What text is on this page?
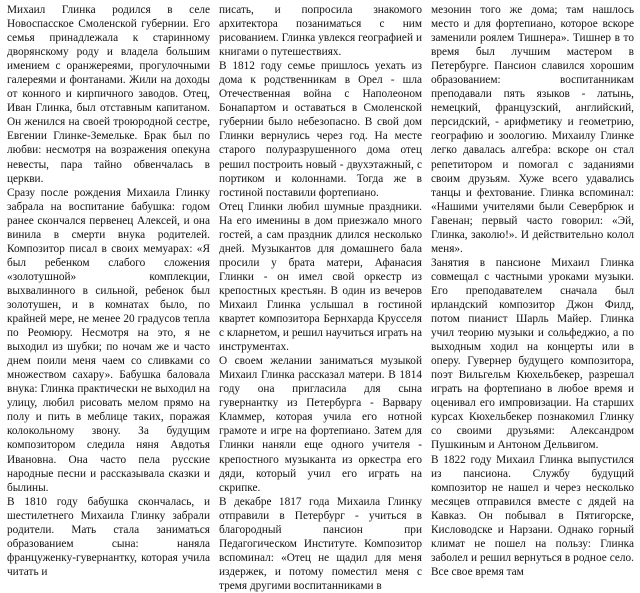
Михаил Глинка родился в селе Новоспасское Смоленской губернии. Его семья принадлежала к старинному дворянскому роду и владела большим имением с оранжереями, прогулочными галереями и фонтанами. Жили на доходы от конного и кирпичного заводов. Отец, Иван Глинка, был отставным капитаном. Он женился на своей троюродной сестре, Евгении Глинке-Земельке. Брак был по любви: несмотря на возражения опекуна невесты, пара тайно обвенчалась в церкви.

Сразу после рождения Михаила Глинку забрала на воспитание бабушка: годом ранее скончался первенец Алексей, и она винила в смерти внука родителей. Композитор писал в своих мемуарах: «Я был ребенком слабого сложения «золотушной» комплекции, выхвалинного в сильной, ребенок был золотушен, и в комнатах было, по крайней мере, не менее 20 градусов тепла по Реомюру. Несмотря на это, я не выходил из шубки; по ночам же и часто днем поили меня чаем со сливками со множеством сахару». Бабушка баловала внука: Глинка практически не выходил на улицу, любил рисовать мелом прямо на полу и пить в меблице таких, поражая колокольному звону. За будущим композитором следила няня Авдотья Ивановна. Она часто пела русские народные песни и рассказывала сказки и былины.

В 1810 году бабушка скончалась, и шестилетнего Михаила Глинку забрали родители. Мать стала заниматься образованием сына: наняла француженку-гувернантку, которая учила читать и

писать, и попросила знакомого архитектора позаниматься с ним рисованием. Глинка увлекся географией и книгами о путешествиях.

В 1812 году семье пришлось уехать из дома к родственникам в Орел - шла Отечественная война с Наполеоном Бонапартом и оставаться в Смоленской губернии было небезопасно. В свой дом Глинки вернулись через год. На месте старого полуразрушенного дома отец решил построить новый - двухэтажный, с портиком и колоннами. Тогда же в гостиной поставили фортепиано.

Отец Глинки любил шумные праздники. На его именины в дом приезжало много гостей, а сам праздник длился несколько дней. Музыкантов для домашнего бала просили у брата матери, Афанасия Глинки - он имел свой оркестр из крепостных крестьян. В один из вечеров Михаил Глинка услышал в гостиной квартет композитора Бернхарда Крусселя с кларнетом, и решил научиться играть на инструментах.

О своем желании заниматься музыкой Михаил Глинка рассказал матери. В 1814 году она пригласила для сына гувернантку из Петербурга - Варвару Кламмер, которая учила его нотной грамоте и игре на фортепиано. Затем для Глинки наняли еще одного учителя - крепостного музыканта из оркестра его дяди, который учил его играть на скрипке.

В декабре 1817 года Михаила Глинку отправили в Петербург - учиться в благородный пансион при Педагогическом Институте. Композитор вспоминал: «Отец не щадил для меня издержек, и потому поместил меня с тремя другими воспитанниками в

мезонин того же дома; там нашлось место и для фортепиано, которое вскоре заменили роялем Тишнера». Тишнер в то время был лучшим мастером в Петербурге. Пансион славился хорошим образованием: воспитанникам преподавали пять языков - латынь, немецкий, французский, английский, персидский, - арифметику и геометрию, географию и зоологию. Михаилу Глинке легко давалась алгебра: вскоре он стал репетитором и помогал с заданиями своим друзьям. Хуже всего удавались танцы и фехтование. Глинка вспоминал: «Нашими учителями были Севербрюк и Гавенан; первый часто говорил: «Эй, Глинка, заколю!». И действительно колол меня».

Занятия в пансионе Михаил Глинка совмещал с частными уроками музыки. Его преподавателем сначала был ирландский композитор Джон Филд, потом пианист Шарль Майер. Глинка учил теорию музыки и сольфеджио, а по выходным ходил на концерты или в оперу. Гувернер будущего композитора, поэт Вильгельм Кюхельбекер, разрешал играть на фортепиано в любое время и оценивал его импровизации. На старших курсах Кюхельбекер познакомил Глинку со своими друзьями: Александром Пушкиным и Антоном Дельвигом.

В 1822 году Михаил Глинка выпустился из пансиона. Службу будущий композитор не нашел и через несколько месяцев отправился вместе с дядей на Кавказ. Он побывал в Пятигорске, Кисловодске и Нарзани. Однако горный климат не пошел на пользу: Глинка заболел и решил вернуться в родное село. Все свое время там
